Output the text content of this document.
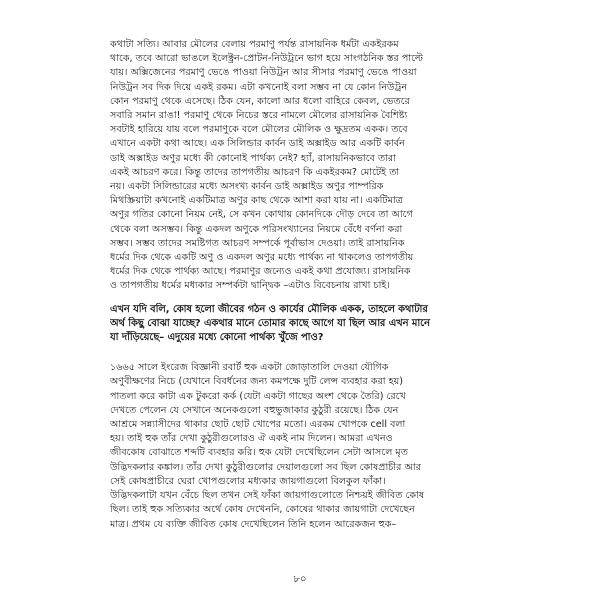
কথাটা সত্যি। আবার মৌলের বেলায় পরমাণু পর্যন্ত রাসায়নিক ধর্মটা একইরকম

থাকে, তবে আরো ভাঙলে ইলেক্ট্রন-প্রোটন-নিউট্রনে ভাগ হয়ে সাংগঠনিক স্তর পাল্টে

যায়। অক্সিজেনের পরমাণু ভেঙে পাওয়া নিউট্রন আর সীসার পরমাণু ভেঙে পাওয়া

নিউট্রন সব দিক দিয়ে একই রকম। এটা কখনোই বলা সম্ভব না যে কোন নিউট্রন

কোন পরমাণু থেকে এসেছে। ঠিক যেন, কালো আর ধলো বাহিরে কেবল, ভেতরে

সবারি সমান রাঙা! পরমাণু থেকে নিচের স্তরে নামলে মৌলের রাসায়নিক বৈশিষ্ট্য

সবটাই হারিয়ে যায় বলে পরমাণুকে বলে মৌলের মৌলিক ও ক্ষুদ্রতম একক। তবে

এখানে একটা কথা আছে। এক সিলিন্ডার কার্বন ডাই অক্সাইড আর একটি কার্বন

ডাই অক্সাইড অণুর মধ্যে কী কোনোই পার্থক্য নেই? হ্যাঁ, রাসায়নিকভাবে তারা

একই আচরণ করে। কিন্তু তাদের তাপগতীয় আচরণ কি একইরকম? মোটেই তা

নয়। একটা সিলিন্ডারের মধ্যে অসংখ্য কার্বন ডাই অক্সাইড অণুর পাম্পরিক

মিথস্ক্রিয়াটা কখনোই একটিমাত্র অণুর কাছ থেকে আশা করা যায় না। একটিমাত্র

অণুর গতির কোনো নিয়ম নেই, সে কখন কোথায় কোনদিকে দৌড় দেবে তা আগে

থেকে বলা অসম্ভব। কিন্তু একদল অণুকে পরিসংখ্যানের নিয়মে বেঁধে বর্ণনা করা

সম্ভব। সম্ভব তাদের সমষ্টিগত আচরণ সম্পর্কে পূর্বাভাস দেওয়া। তাই রাসায়নিক

ধর্মের দিক থেকে একটি অণু ও একদল অণুর মধ্যে পার্থক্য না থাকলেও তাপগতীয়

ধর্মের দিক থেকে পার্থক্য আছে। পরমাণুর জন্যেও একই কথা প্রযোজ্য। রাসায়নিক

ও তাপগতীয় ধর্মের মধ্যকার সম্পর্কটা দ্বান্দ্বিক –এটাও বিবেচনায় রাখা চাই।

এখন যদি বলি, কোষ হলো জীবের গঠন ও কার্যের মৌলিক একক, তাহলে কথাটার

অর্থ কিছু বোঝা যাচ্ছে? একথার মানে তোমার কাছে আগে যা ছিল আর এখন মানে

যা দাঁড়িয়েছে– এদুয়ের মধ্যে কোনো পার্থক্য খুঁজে পাও?

১৬৬৫ সালে ইংরেজ বিজ্ঞানী রবার্ট হুক একটা জোড়াতালি দেওয়া যৌগিক

অণুবীক্ষণের নিচে (যেখানে বিবর্ধনের জন্য কমপক্ষে দুটি লেন্স ব্যবহার করা হয়)

পাতলা করে কাটা এক টুকরো কর্ক (যেটা একটা গাছের অংশ থেকে তৈরি) রেখে

দেখতে পেলেন যে সেখানে অনেকগুলো বহুভুজাকার কুঠুরী রয়েছে। ঠিক যেন

আশ্রমে সন্ন্যাসীদের থাকার ছোট ছোট খোপের মতো। এরকম খোপকে cell বলা

হয়। তাই হুক তাঁর দেখা কুঠুরীগুলোরও ঐ একই নাম দিলেন। আমরা এখনও

জীবকোষ বোঝাতে শব্দটি ব্যবহার করি। হুক যেটা দেখেছিলেন সেটা আসলে মৃত

উদ্ভিদকলার কঙ্কাল। তাঁর দেখা কুঠুরীগুলোর দেয়ালগুলো সব ছিল কোষপ্রাচীর আর

সেই কোষপ্রাচীরে ঘেরা খোপগুলোর মধ্যকার জায়গাগুলো বিলকুল ফাঁকা।

উদ্ভিদকলাটা যখন বেঁচে ছিল তখন সেই ফাঁকা জায়গাগুলোতে নিশ্চয়ই জীবিত কোষ

ছিল। তাই হুক সত্যিকার অর্থে কোষ দেখেননি, কোষের থাকার জায়গাটা দেখেছেন

মাত্র। প্রথম যে ব্যক্তি জীবিত কোষ দেখেছিলেন তিনি হলেন আরেকজন হুক–

৮০
